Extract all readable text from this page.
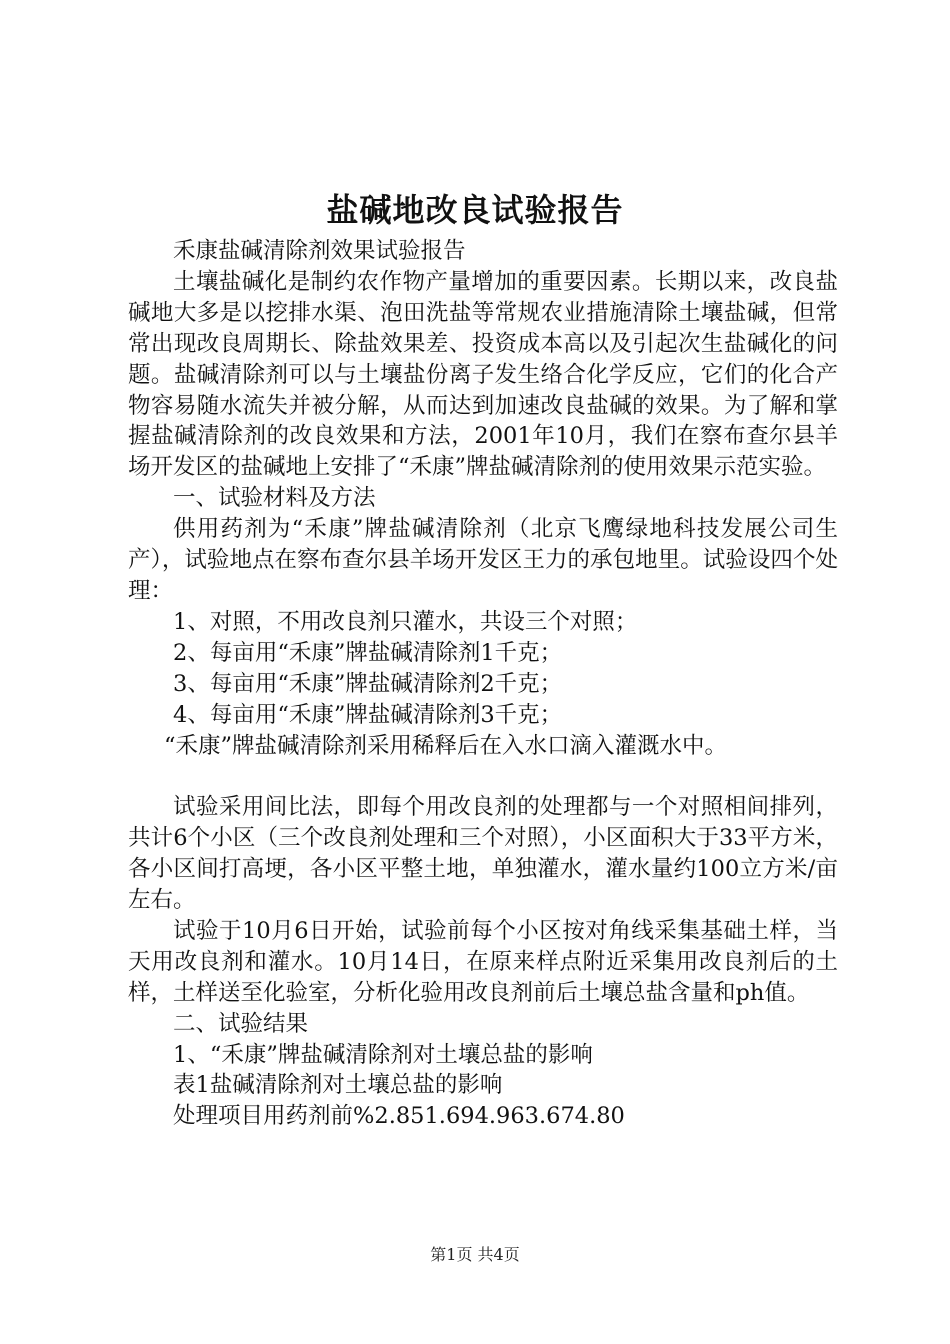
盐碱地改良试验报告

禾康盐碱清除剂效果试验报告

土壤盐碱化是制约农作物产量增加的重要因素。长期以来，改良盐碱地大多是以挖排水渠、泡田洗盐等常规农业措施清除土壤盐碱，但常常出现改良周期长、除盐效果差、投资成本高以及引起次生盐碱化的问题。盐碱清除剂可以与土壤盐份离子发生络合化学反应，它们的化合产物容易随水流失并被分解，从而达到加速改良盐碱的效果。为了解和掌握盐碱清除剂的改良效果和方法，2001年10月，我们在察布查尔县羊场开发区的盐碱地上安排了“禾康”牌盐碱清除剂的使用效果示范实验。

一、试验材料及方法

供用药剂为“禾康”牌盐碱清除剂（北京飞鹰绿地科技发展公司生产），试验地点在察布查尔县羊场开发区王力的承包地里。试验设四个处理：

1、对照，不用改良剂只灌水，共设三个对照；

2、每亩用“禾康”牌盐碱清除剂1千克；

3、每亩用“禾康”牌盐碱清除剂2千克；

4、每亩用“禾康”牌盐碱清除剂3千克；

“禾康”牌盐碱清除剂采用稀释后在入水口滴入灌溉水中。

试验采用间比法，即每个用改良剂的处理都与一个对照相间排列，共计6个小区（三个改良剂处理和三个对照），小区面积大于33平方米，各小区间打高埂，各小区平整土地，单独灌水，灌水量约100立方米/亩左右。

试验于10月6日开始，试验前每个小区按对角线采集基础土样，当天用改良剂和灌水。10月14日，在原来样点附近采集用改良剂后的土样，土样送至化验室，分析化验用改良剂前后土壤总盐含量和ph值。

二、试验结果

1、“禾康”牌盐碱清除剂对土壤总盐的影响

表1盐碱清除剂对土壤总盐的影响

处理项目用药剂前%2.851.694.963.674.80

第1页 共4页
